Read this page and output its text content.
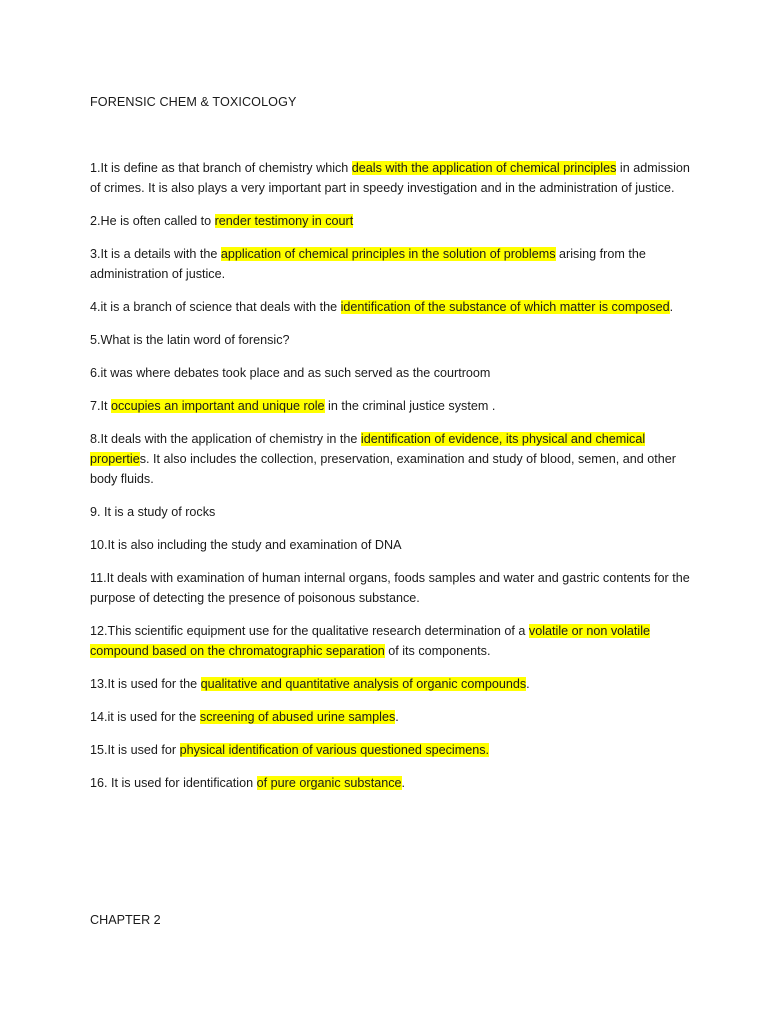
FORENSIC CHEM & TOXICOLOGY
1.It is define as that branch of chemistry which deals with the application of chemical principles in admission of crimes. It is also plays a very important part in speedy investigation and in the administration of justice.
2.He is often called to render testimony in court
3.It is a details with the application of chemical principles in the solution of problems arising from the administration of justice.
4.it is a branch of science that deals with the identification of the substance of which matter is composed.
5.What is the latin word of forensic?
6.it was where debates took place and as such served as the courtroom
7.It occupies an important and unique role in the criminal justice system .
8.It deals with the application of chemistry in the identification of evidence, its physical and chemical properties. It also includes the collection, preservation, examination and study of blood, semen, and other body fluids.
9. It is a study of rocks
10.It is also including the study and examination of DNA
11.It deals with examination of human internal organs, foods samples and water and gastric contents for the purpose of detecting the presence of poisonous substance.
12.This scientific equipment use for the qualitative research determination of a volatile or non volatile compound based on the chromatographic separation of its components.
13.It is used for the qualitative and quantitative analysis of organic compounds.
14.it is used for the screening of abused urine samples.
15.It is used for physical identification of various questioned specimens.
16. It is used for identification of pure organic substance.
CHAPTER 2
